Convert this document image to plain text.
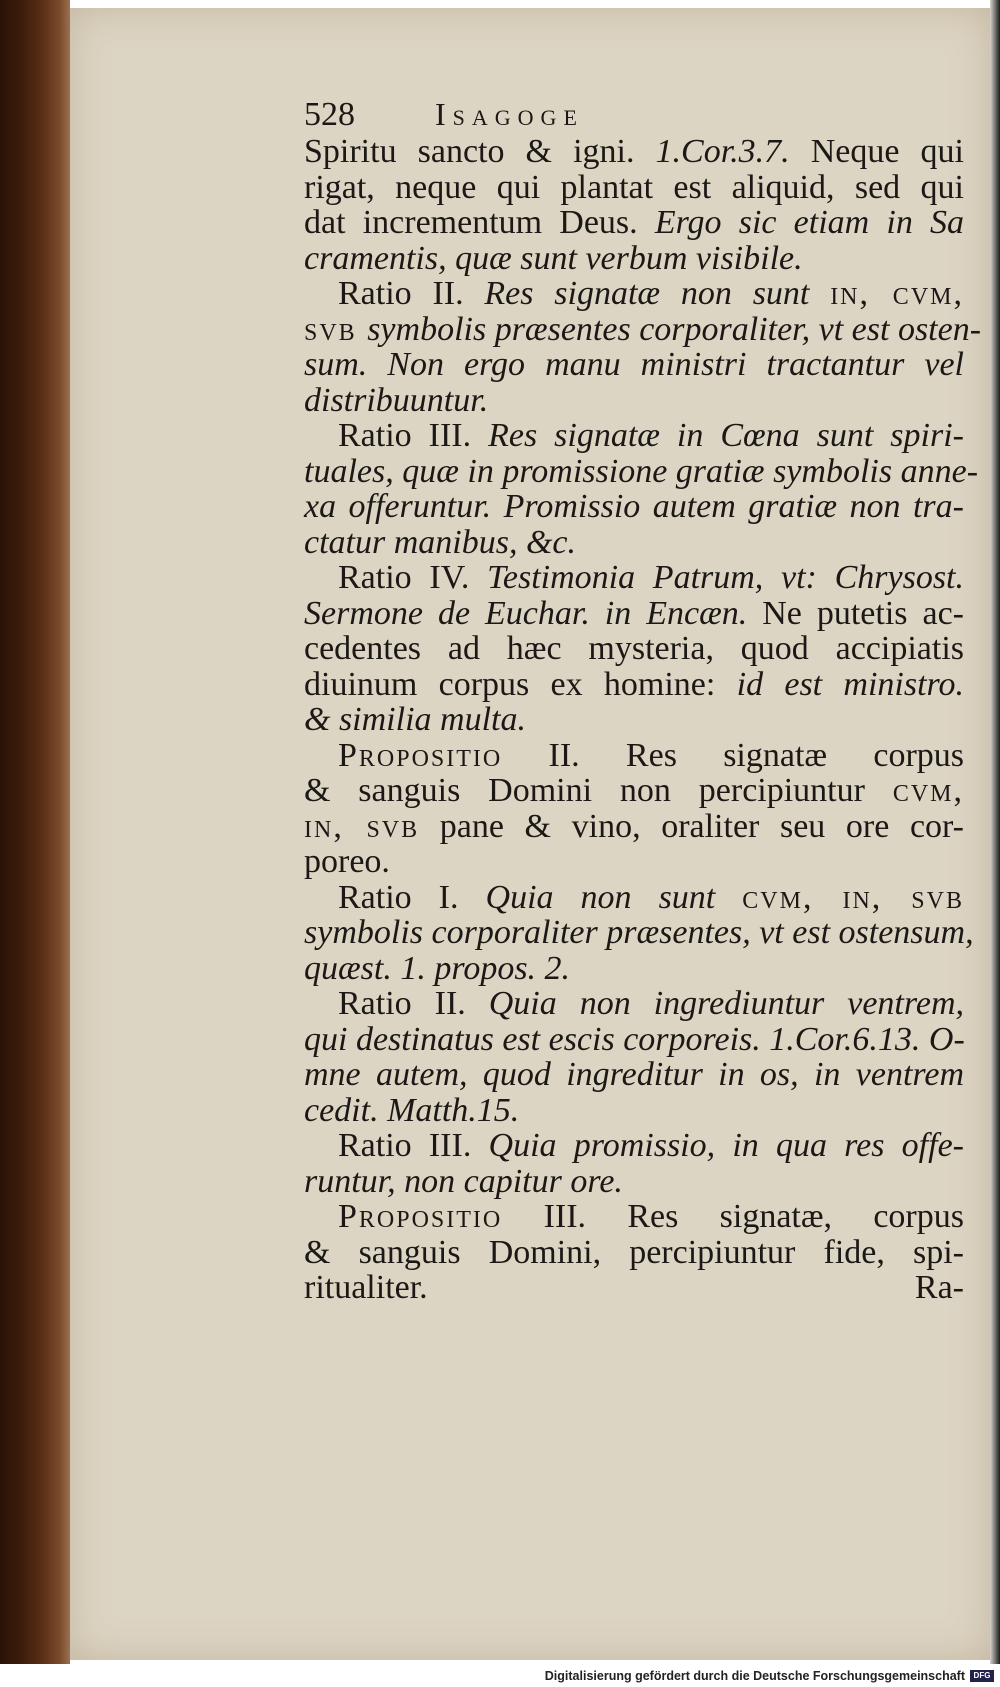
528	Isagoge
Spiritu sancto & igni. 1.Cor.3.7. Neque qui
rigat, neque qui plantat est aliquid, sed qui
dat incrementum Deus. Ergo sic etiam in Sa
cramentis, quæ sunt verbum visibile.
Ratio II. Res signatæ non sunt in, cvm,
svb symbolis præsentes corporaliter, vt est osten-
sum. Non ergo manu ministri tractantur vel
distribuuntur.
Ratio III. Res signatæ in Cœna sunt spiri-
tuales, quæ in promissione gratiæ symbolis anne-
xa offeruntur. Promissio autem gratiæ non tra-
ctatur manibus, &c.
Ratio IV. Testimonia Patrum, vt: Chrysost.
Sermone de Euchar. in Encæn. Ne putetis ac-
cedentes ad hæc mysteria, quod accipiatis
diuinum corpus ex homine: id est ministro.
& similia multa.
Propositio II. Res signatæ corpus
& sanguis Domini non percipiuntur cvm,
in, svb pane & vino, oraliter seu ore cor-
poreo.
Ratio I. Quia non sunt cvm, in, svb
symbolis corporaliter præsentes, vt est ostensum,
quæst. 1. propos. 2.
Ratio II. Quia non ingrediuntur ventrem,
qui destinatus est escis corporeis. 1.Cor.6.13. O-
mne autem, quod ingreditur in os, in ventrem
cedit. Matth.15.
Ratio III. Quia promissio, in qua res offe-
runtur, non capitur ore.
Propositio III. Res signatæ, corpus
& sanguis Domini, percipiuntur fide, spi-
ritualiter.	Ra-
Digitalisierung gefördert durch die Deutsche Forschungsgemeinschaft	DFG
